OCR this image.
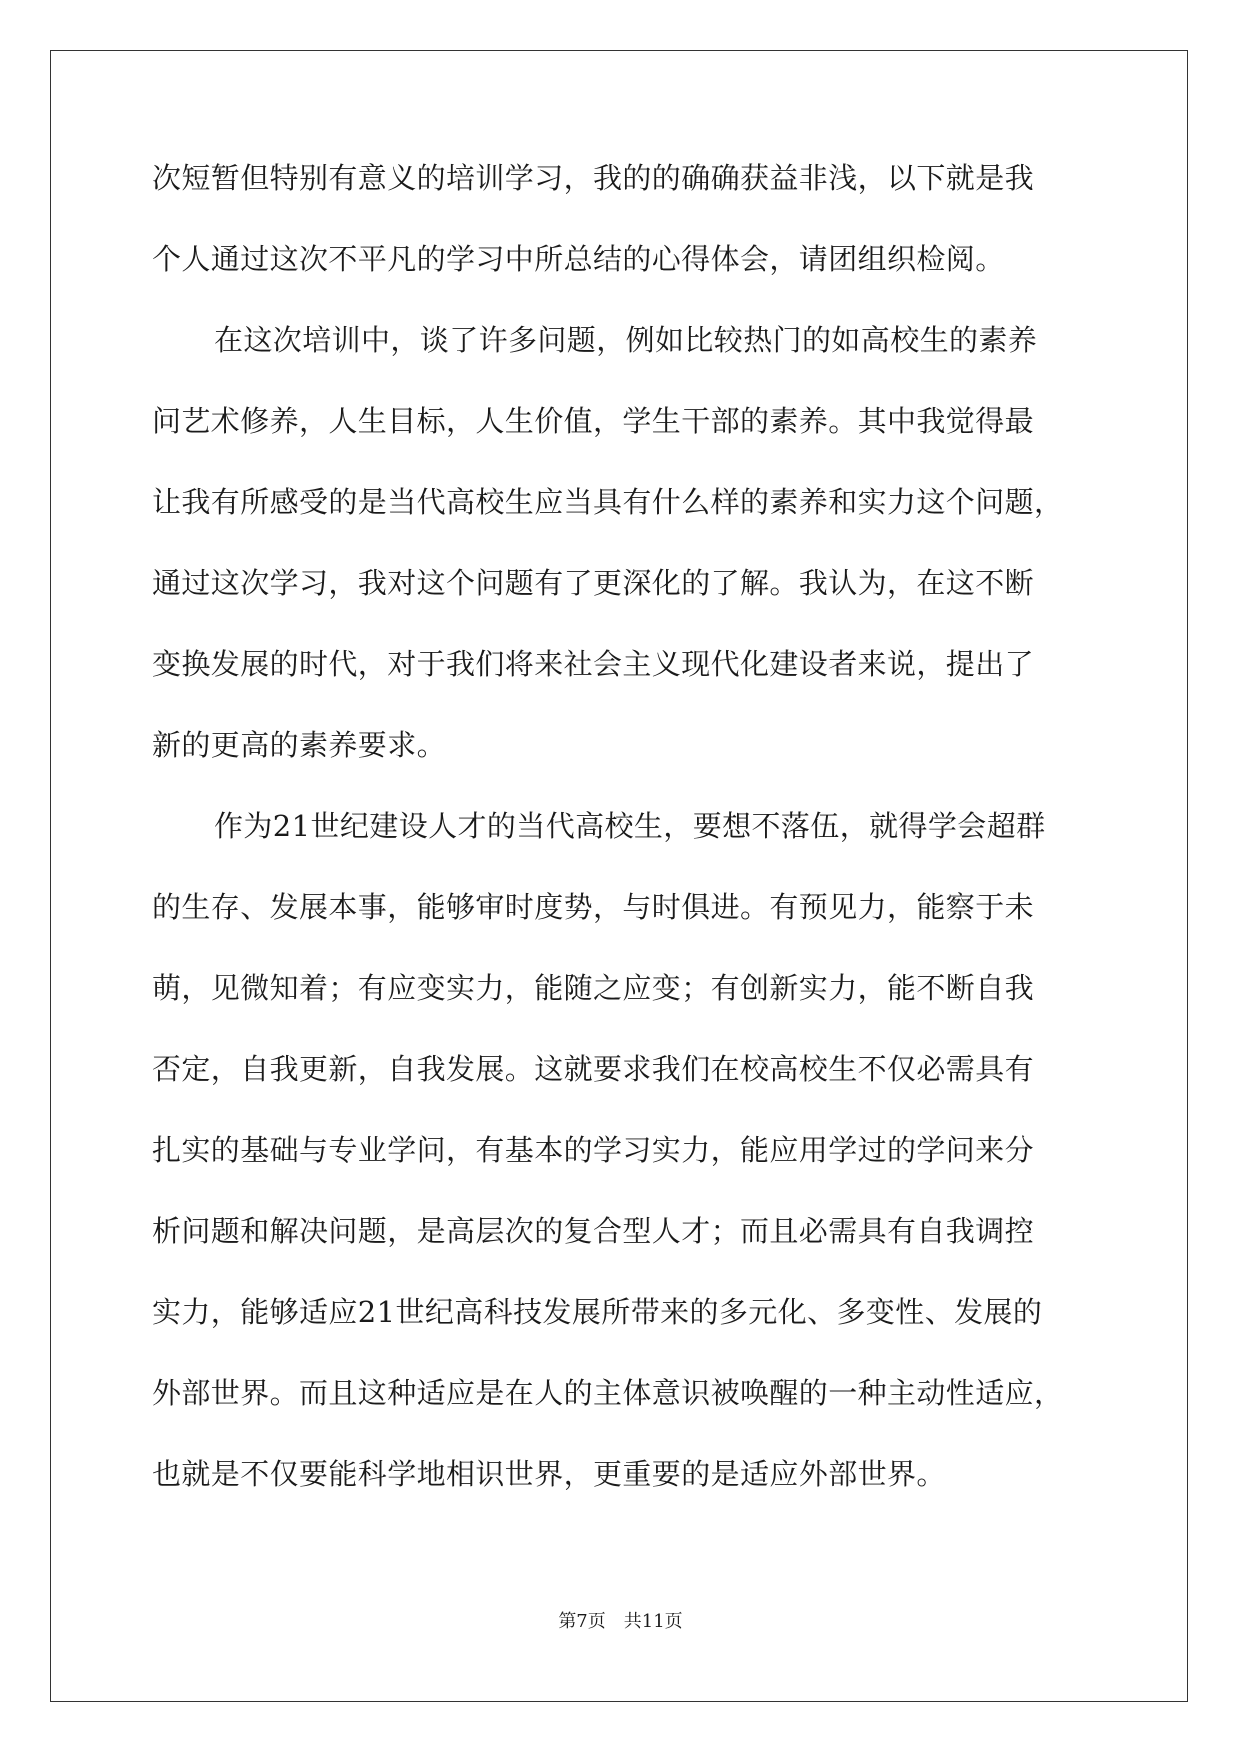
次短暂但特别有意义的培训学习，我的的确确获益非浅，以下就是我
个人通过这次不平凡的学习中所总结的心得体会，请团组织检阅。
在这次培训中，谈了许多问题，例如比较热门的如高校生的素养
问艺术修养，人生目标，人生价值，学生干部的素养。其中我觉得最
让我有所感受的是当代高校生应当具有什么样的素养和实力这个问题，
通过这次学习，我对这个问题有了更深化的了解。我认为，在这不断
变换发展的时代，对于我们将来社会主义现代化建设者来说，提出了
新的更高的素养要求。
作为21世纪建设人才的当代高校生，要想不落伍，就得学会超群
的生存、发展本事，能够审时度势，与时俱进。有预见力，能察于未
萌，见微知着；有应变实力，能随之应变；有创新实力，能不断自我
否定，自我更新，自我发展。这就要求我们在校高校生不仅必需具有
扎实的基础与专业学问，有基本的学习实力，能应用学过的学问来分
析问题和解决问题，是高层次的复合型人才；而且必需具有自我调控
实力，能够适应21世纪高科技发展所带来的多元化、多变性、发展的
外部世界。而且这种适应是在人的主体意识被唤醒的一种主动性适应，
也就是不仅要能科学地相识世界，更重要的是适应外部世界。
第7页　共11页
